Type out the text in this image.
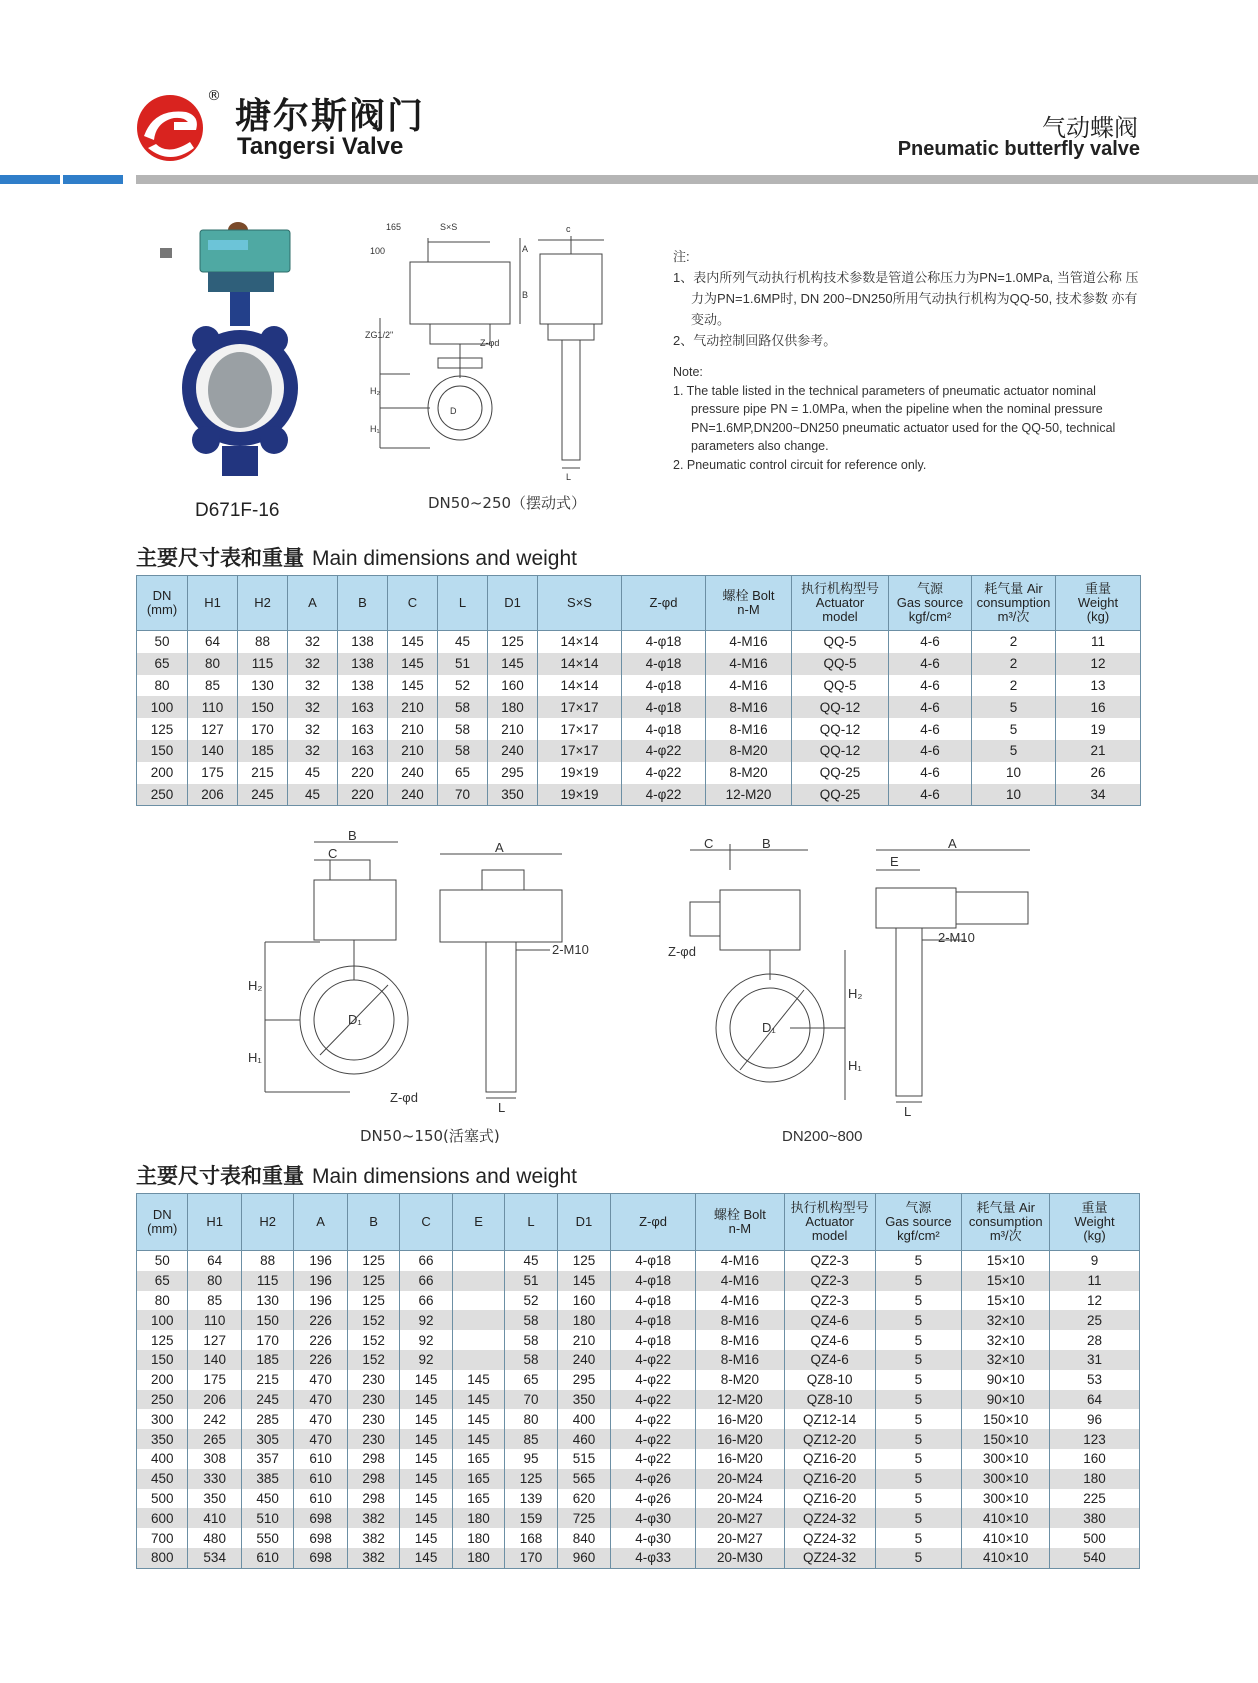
® 塘尔斯阀门
Tangersi Valve
气动蝶阀
Pneumatic butterfly valve
D671F-16
165	S×S	c
A
B
100
ZG1/2"
Z-φd
H₂
H₁
L
D
DN50~250（摆动式）
注:
1、表内所列气动执行机构技术参数是管道公称压力为PN=1.0MPa, 当管道公称 压力为PN=1.6MP时, DN 200~DN250所用气动执行机构为QQ-50, 技术参数 亦有变动。
2、气动控制回路仅供参考。
Note:
1. The table listed in the technical parameters of pneumatic actuator nominal pressure pipe PN = 1.0MPa, when the pipeline when the nominal pressure PN=1.6MP,DN200~DN250 pneumatic actuator used for the QQ-50, technical parameters also change.
2. Pneumatic control circuit for reference only.
主要尺寸表和重量 Main dimensions and weight
DN
(mm)	H1	H2	A	B	C	L	D1	S×S	Z-φd	螺栓 Bolt
n-M	执行机构型号
Actuator
model	气源
Gas source
kgf/cm²	耗气量 Air
consumption
m³/次	重量
Weight
(kg)
50	64	88	32	138	145	45	125	14×14	4-φ18	4-M16	QQ-5	4-6	2	11
65	80	115	32	138	145	51	145	14×14	4-φ18	4-M16	QQ-5	4-6	2	12
80	85	130	32	138	145	52	160	14×14	4-φ18	4-M16	QQ-5	4-6	2	13
100	110	150	32	163	210	58	180	17×17	4-φ18	8-M16	QQ-12	4-6	5	16
125	127	170	32	163	210	58	210	17×17	4-φ18	8-M16	QQ-12	4-6	5	19
150	140	185	32	163	210	58	240	17×17	4-φ22	8-M20	QQ-12	4-6	5	21
200	175	215	45	220	240	65	295	19×19	4-φ22	8-M20	QQ-25	4-6	10	26
250	206	245	45	220	240	70	350	19×19	4-φ22	12-M20	QQ-25	4-6	10	34
B
C	A
2-M10
H₂
H₁
D₁
Z-φd
L
DN50~150(活塞式)
C	B	A
E
2-M10
Z-φd
H₂
H₁
D₁
L
DN200~800
主要尺寸表和重量 Main dimensions and weight
DN
(mm)	H1	H2	A	B	C	E	L	D1	Z-φd	螺栓 Bolt
n-M	执行机构型号
Actuator
model	气源
Gas source
kgf/cm²	耗气量 Air
consumption
m³/次	重量
Weight
(kg)
50	64	88	196	125	66		45	125	4-φ18	4-M16	QZ2-3	5	15×10	9
65	80	115	196	125	66		51	145	4-φ18	4-M16	QZ2-3	5	15×10	11
80	85	130	196	125	66		52	160	4-φ18	4-M16	QZ2-3	5	15×10	12
100	110	150	226	152	92		58	180	4-φ18	8-M16	QZ4-6	5	32×10	25
125	127	170	226	152	92		58	210	4-φ18	8-M16	QZ4-6	5	32×10	28
150	140	185	226	152	92		58	240	4-φ22	8-M16	QZ4-6	5	32×10	31
200	175	215	470	230	145	145	65	295	4-φ22	8-M20	QZ8-10	5	90×10	53
250	206	245	470	230	145	145	70	350	4-φ22	12-M20	QZ8-10	5	90×10	64
300	242	285	470	230	145	145	80	400	4-φ22	16-M20	QZ12-14	5	150×10	96
350	265	305	470	230	145	145	85	460	4-φ22	16-M20	QZ12-20	5	150×10	123
400	308	357	610	298	145	165	95	515	4-φ22	16-M20	QZ16-20	5	300×10	160
450	330	385	610	298	145	165	125	565	4-φ26	20-M24	QZ16-20	5	300×10	180
500	350	450	610	298	145	165	139	620	4-φ26	20-M24	QZ16-20	5	300×10	225
600	410	510	698	382	145	180	159	725	4-φ30	20-M27	QZ24-32	5	410×10	380
700	480	550	698	382	145	180	168	840	4-φ30	20-M27	QZ24-32	5	410×10	500
800	534	610	698	382	145	180	170	960	4-φ33	20-M30	QZ24-32	5	410×10	540
